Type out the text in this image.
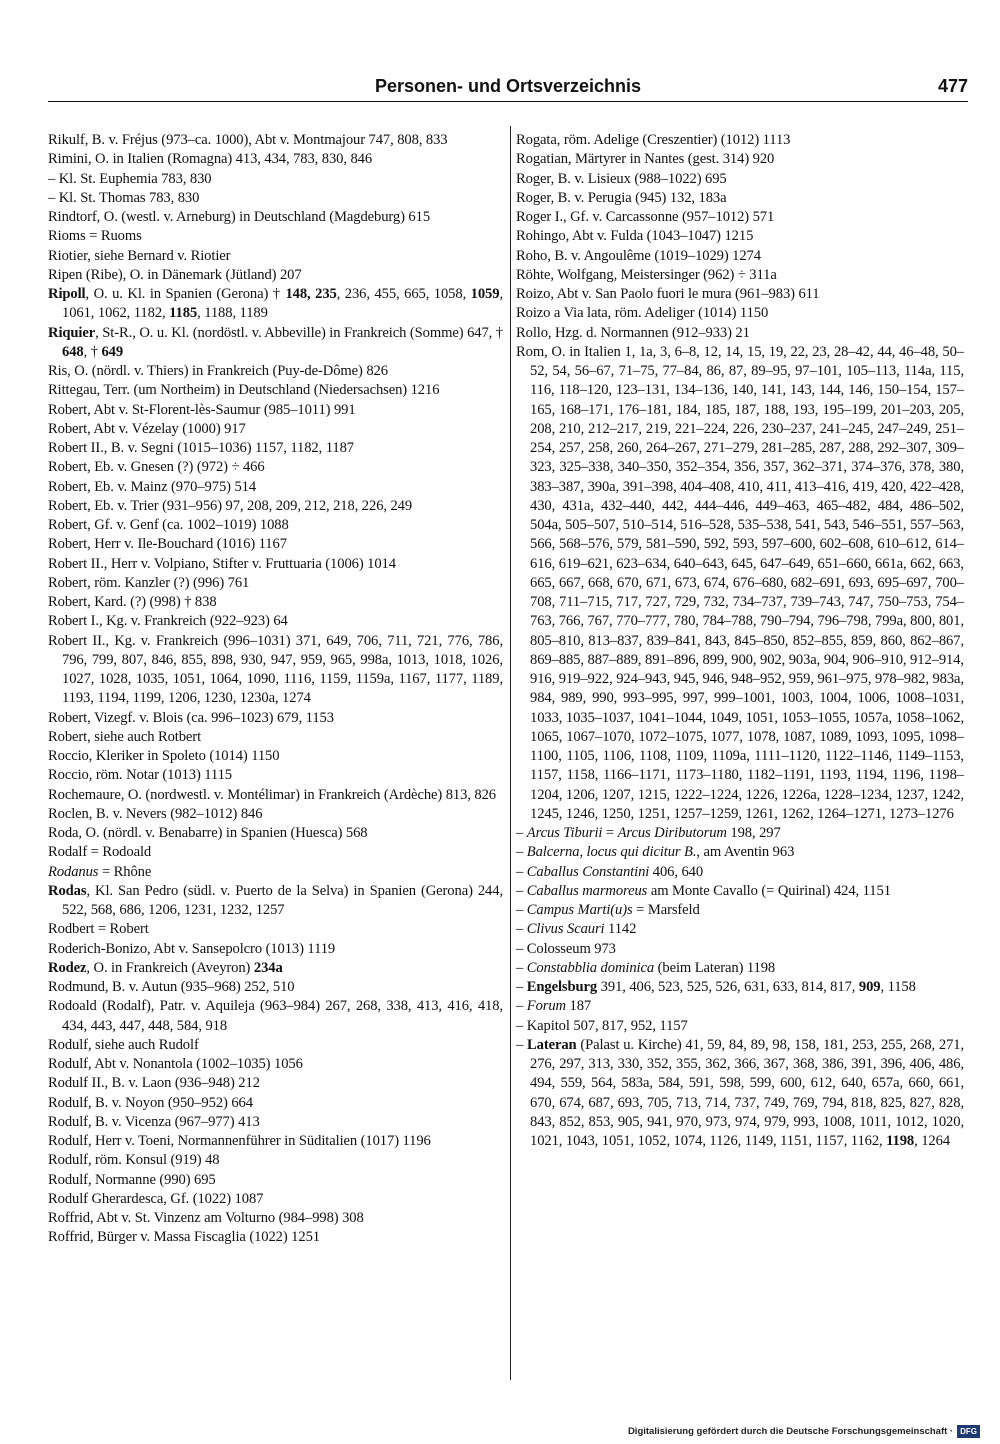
Personen- und Ortsverzeichnis	477

Rikulf, B. v. Fréjus (973–ca. 1000), Abt v. Montmajour 747, 808, 833

Rimini, O. in Italien (Romagna) 413, 434, 783, 830, 846

– Kl. St. Euphemia 783, 830

– Kl. St. Thomas 783, 830

Rindtorf, O. (westl. v. Arneburg) in Deutschland (Magdeburg) 615

Rioms = Ruoms

Riotier, siehe Bernard v. Riotier

Ripen (Ribe), O. in Dänemark (Jütland) 207

Ripoll, O. u. Kl. in Spanien (Gerona) † 148, 235, 236, 455, 665, 1058, 1059, 1061, 1062, 1182, 1185, 1188, 1189

Riquier, St-R., O. u. Kl. (nordöstl. v. Abbeville) in Frankreich (Somme) 647, † 648, † 649

Ris, O. (nördl. v. Thiers) in Frankreich (Puy-de-Dôme) 826

Rittegau, Terr. (um Northeim) in Deutschland (Niedersachsen) 1216

Robert, Abt v. St-Florent-lès-Saumur (985–1011) 991

Robert, Abt v. Vézelay (1000) 917

Robert II., B. v. Segni (1015–1036) 1157, 1182, 1187

Robert, Eb. v. Gnesen (?) (972) ÷ 466

Robert, Eb. v. Mainz (970–975) 514

Robert, Eb. v. Trier (931–956) 97, 208, 209, 212, 218, 226, 249

Robert, Gf. v. Genf (ca. 1002–1019) 1088

Robert, Herr v. Ile-Bouchard (1016) 1167

Robert II., Herr v. Volpiano, Stifter v. Fruttuaria (1006) 1014

Robert, röm. Kanzler (?) (996) 761

Robert, Kard. (?) (998) † 838

Robert I., Kg. v. Frankreich (922–923) 64

Robert II., Kg. v. Frankreich (996–1031) 371, 649, 706, 711, 721, 776, 786, 796, 799, 807, 846, 855, 898, 930, 947, 959, 965, 998a, 1013, 1018, 1026, 1027, 1028, 1035, 1051, 1064, 1090, 1116, 1159, 1159a, 1167, 1177, 1189, 1193, 1194, 1199, 1206, 1230, 1230a, 1274

Robert, Vizegf. v. Blois (ca. 996–1023) 679, 1153

Robert, siehe auch Rotbert

Roccio, Kleriker in Spoleto (1014) 1150

Roccio, röm. Notar (1013) 1115

Rochemaure, O. (nordwestl. v. Montélimar) in Frankreich (Ardèche) 813, 826

Roclen, B. v. Nevers (982–1012) 846

Roda, O. (nördl. v. Benabarre) in Spanien (Huesca) 568

Rodalf = Rodoald

Rodanus = Rhône

Rodas, Kl. San Pedro (südl. v. Puerto de la Selva) in Spanien (Gerona) 244, 522, 568, 686, 1206, 1231, 1232, 1257

Rodbert = Robert

Roderich-Bonizo, Abt v. Sansepolcro (1013) 1119

Rodez, O. in Frankreich (Aveyron) 234a

Rodmund, B. v. Autun (935–968) 252, 510

Rodoald (Rodalf), Patr. v. Aquileja (963–984) 267, 268, 338, 413, 416, 418, 434, 443, 447, 448, 584, 918

Rodulf, siehe auch Rudolf

Rodulf, Abt v. Nonantola (1002–1035) 1056

Rodulf II., B. v. Laon (936–948) 212

Rodulf, B. v. Noyon (950–952) 664

Rodulf, B. v. Vicenza (967–977) 413

Rodulf, Herr v. Toeni, Normannenführer in Süditalien (1017) 1196

Rodulf, röm. Konsul (919) 48

Rodulf, Normanne (990) 695

Rodulf Gherardesca, Gf. (1022) 1087

Roffrid, Abt v. St. Vinzenz am Volturno (984–998) 308

Roffrid, Bürger v. Massa Fiscaglia (1022) 1251

Rogata, röm. Adelige (Creszentier) (1012) 1113

Rogatian, Märtyrer in Nantes (gest. 314) 920

Roger, B. v. Lisieux (988–1022) 695

Roger, B. v. Perugia (945) 132, 183a

Roger I., Gf. v. Carcassonne (957–1012) 571

Rohingo, Abt v. Fulda (1043–1047) 1215

Roho, B. v. Angoulême (1019–1029) 1274

Röhte, Wolfgang, Meistersinger (962) ÷ 311a

Roizo, Abt v. San Paolo fuori le mura (961–983) 611

Roizo a Via lata, röm. Adeliger (1014) 1150

Rollo, Hzg. d. Normannen (912–933) 21

Rom, O. in Italien 1, 1a, 3, 6–8, 12, 14, 15, 19, 22, 23, 28–42, 44, 46–48, 50–52, 54, 56–67, 71–75, 77–84, 86, 87, 89–95, 97–101, 105–113, 114a, 115, 116, 118–120, 123–131, 134–136, 140, 141, 143, 144, 146, 150–154, 157–165, 168–171, 176–181, 184, 185, 187, 188, 193, 195–199, 201–203, 205, 208, 210, 212–217, 219, 221–224, 226, 230–237, 241–245, 247–249, 251–254, 257, 258, 260, 264–267, 271–279, 281–285, 287, 288, 292–307, 309–323, 325–338, 340–350, 352–354, 356, 357, 362–371, 374–376, 378, 380, 383–387, 390a, 391–398, 404–408, 410, 411, 413–416, 419, 420, 422–428, 430, 431a, 432–440, 442, 444–446, 449–463, 465–482, 484, 486–502, 504a, 505–507, 510–514, 516–528, 535–538, 541, 543, 546–551, 557–563, 566, 568–576, 579, 581–590, 592, 593, 597–600, 602–608, 610–612, 614–616, 619–621, 623–634, 640–643, 645, 647–649, 651–660, 661a, 662, 663, 665, 667, 668, 670, 671, 673, 674, 676–680, 682–691, 693, 695–697, 700–708, 711–715, 717, 727, 729, 732, 734–737, 739–743, 747, 750–753, 754–763, 766, 767, 770–777, 780, 784–788, 790–794, 796–798, 799a, 800, 801, 805–810, 813–837, 839–841, 843, 845–850, 852–855, 859, 860, 862–867, 869–885, 887–889, 891–896, 899, 900, 902, 903a, 904, 906–910, 912–914, 916, 919–922, 924–943, 945, 946, 948–952, 959, 961–975, 978–982, 983a, 984, 989, 990, 993–995, 997, 999–1001, 1003, 1004, 1006, 1008–1031, 1033, 1035–1037, 1041–1044, 1049, 1051, 1053–1055, 1057a, 1058–1062, 1065, 1067–1070, 1072–1075, 1077, 1078, 1087, 1089, 1093, 1095, 1098–1100, 1105, 1106, 1108, 1109, 1109a, 1111–1120, 1122–1146, 1149–1153, 1157, 1158, 1166–1171, 1173–1180, 1182–1191, 1193, 1194, 1196, 1198–1204, 1206, 1207, 1215, 1222–1224, 1226, 1226a, 1228–1234, 1237, 1242, 1245, 1246, 1250, 1251, 1257–1259, 1261, 1262, 1264–1271, 1273–1276

– Arcus Tiburii = Arcus Diributorum 198, 297

– Balcerna, locus qui dicitur B., am Aventin 963

– Caballus Constantini 406, 640

– Caballus marmoreus am Monte Cavallo (= Quirinal) 424, 1151

– Campus Marti(u)s = Marsfeld

– Clivus Scauri 1142

– Colosseum 973

– Constabblia dominica (beim Lateran) 1198

– Engelsburg 391, 406, 523, 525, 526, 631, 633, 814, 817, 909, 1158

– Forum 187

– Kapitol 507, 817, 952, 1157

– Lateran (Palast u. Kirche) 41, 59, 84, 89, 98, 158, 181, 253, 255, 268, 271, 276, 297, 313, 330, 352, 355, 362, 366, 367, 368, 386, 391, 396, 406, 486, 494, 559, 564, 583a, 584, 591, 598, 599, 600, 612, 640, 657a, 660, 661, 670, 674, 687, 693, 705, 713, 714, 737, 749, 769, 794, 818, 825, 827, 828, 843, 852, 853, 905, 941, 970, 973, 974, 979, 993, 1008, 1011, 1012, 1020, 1021, 1043, 1051, 1052, 1074, 1126, 1149, 1151, 1157, 1162, 1198, 1264

Digitalisierung gefördert durch die Deutsche Forschungsgemeinschaft · DFG
